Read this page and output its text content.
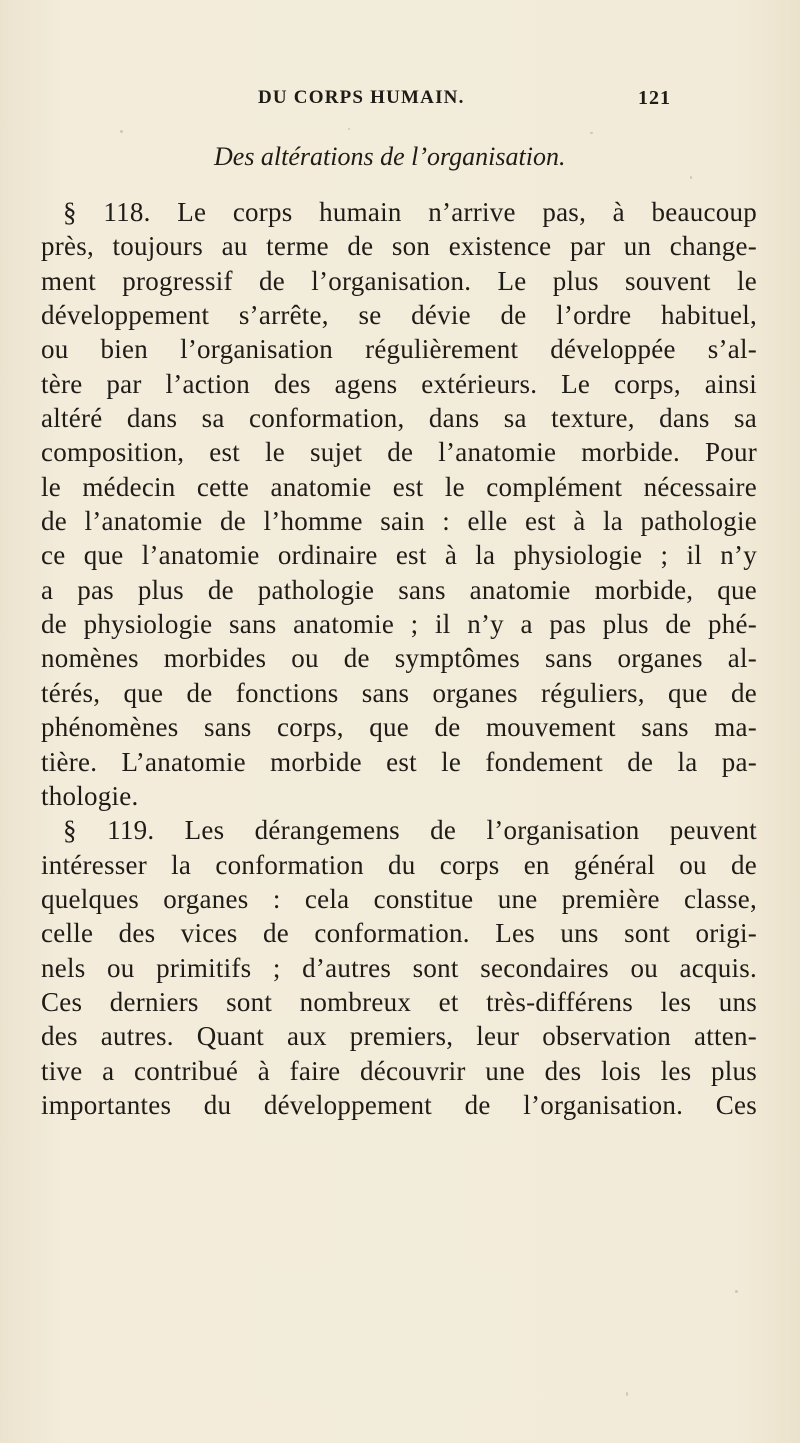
DU CORPS HUMAIN.	121
Des altérations de l’organisation.
§ 118. Le corps humain n’arrive pas, à beaucoup
près, toujours au terme de son existence par un change-
ment progressif de l’organisation. Le plus souvent le
développement s’arrête, se dévie de l’ordre habituel,
ou bien l’organisation régulièrement développée s’al-
tère par l’action des agens extérieurs. Le corps, ainsi
altéré dans sa conformation, dans sa texture, dans sa
composition, est le sujet de l’anatomie morbide. Pour
le médecin cette anatomie est le complément nécessaire
de l’anatomie de l’homme sain : elle est à la pathologie
ce que l’anatomie ordinaire est à la physiologie ; il n’y
a pas plus de pathologie sans anatomie morbide, que
de physiologie sans anatomie ; il n’y a pas plus de phé-
nomènes morbides ou de symptômes sans organes al-
térés, que de fonctions sans organes réguliers, que de
phénomènes sans corps, que de mouvement sans ma-
tière. L’anatomie morbide est le fondement de la pa-
thologie.
§ 119. Les dérangemens de l’organisation peuvent
intéresser la conformation du corps en général ou de
quelques organes : cela constitue une première classe,
celle des vices de conformation. Les uns sont origi-
nels ou primitifs ; d’autres sont secondaires ou acquis.
Ces derniers sont nombreux et très-différens les uns
des autres. Quant aux premiers, leur observation atten-
tive a contribué à faire découvrir une des lois les plus
importantes du développement de l’organisation. Ces
